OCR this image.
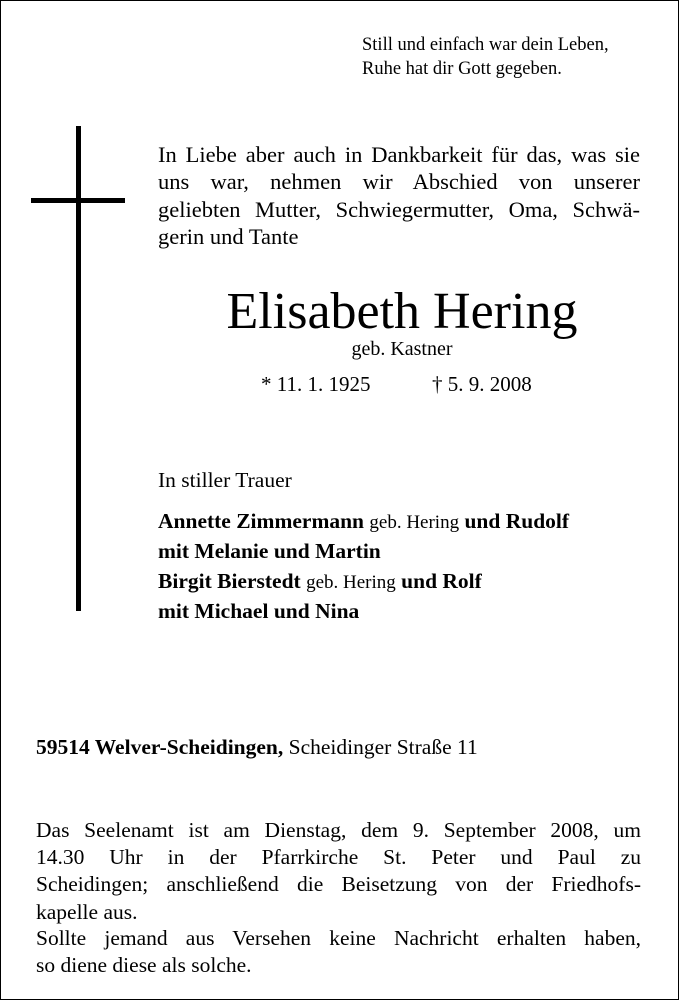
Still und einfach war dein Leben,
Ruhe hat dir Gott gegeben.
In Liebe aber auch in Dankbarkeit für das, was sie
uns war, nehmen wir Abschied von unserer
geliebten Mutter, Schwiegermutter, Oma, Schwä-
gerin und Tante
Elisabeth Hering
geb. Kastner
* 11. 1. 1925	† 5. 9. 2008
In stiller Trauer
Annette Zimmermann geb. Hering und Rudolf
mit Melanie und Martin
Birgit Bierstedt geb. Hering und Rolf
mit Michael und Nina
59514 Welver-Scheidingen, Scheidinger Straße 11
Das Seelenamt ist am Dienstag, dem 9. September 2008, um
14.30 Uhr in der Pfarrkirche St. Peter und Paul zu
Scheidingen; anschließend die Beisetzung von der Friedhofs-
kapelle aus.
Sollte jemand aus Versehen keine Nachricht erhalten haben,
so diene diese als solche.
